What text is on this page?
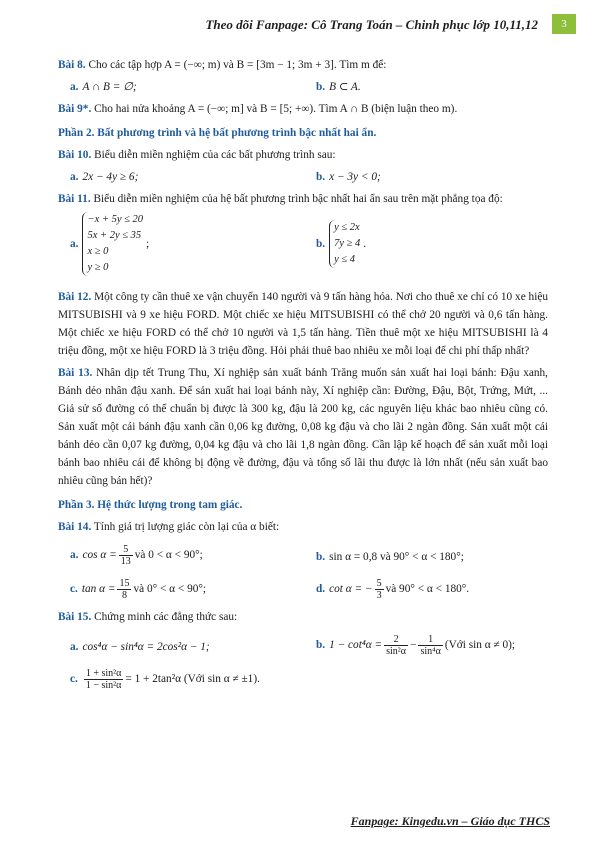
Theo dõi Fanpage: Cô Trang Toán – Chinh phục lớp 10,11,12	3

Bài 8. Cho các tập hợp A = (−∞; m) và B = [3m − 1; 3m + 3]. Tìm m để:

a. A ∩ B = ∅;	b. B ⊂ A.

Bài 9*. Cho hai nửa khoảng A = (−∞; m] và B = [5; +∞). Tìm A ∩ B (biện luận theo m).

Phần 2. Bất phương trình và hệ bất phương trình bậc nhất hai ẩn.

Bài 10. Biểu diễn miền nghiệm của các bất phương trình sau:

a. 2x − 4y ≥ 6;	b. x − 3y < 0;

Bài 11. Biểu diễn miền nghiệm của hệ bất phương trình bậc nhất hai ẩn sau trên mặt phẳng tọa độ:

a.
−x + 5y ≤ 20
5x + 2y ≤ 35
x ≥ 0
y ≥ 0
;	b.
y ≤ 2x
7y ≥ 4
y ≤ 4
.

Bài 12. Một công ty cần thuê xe vận chuyển 140 người và 9 tấn hàng hóa. Nơi cho thuê xe chỉ có 10 xe hiệu MITSUBISHI và 9 xe hiệu FORD. Một chiếc xe hiệu MITSUBISHI có thể chở 20 người và 0,6 tấn hàng. Một chiếc xe hiệu FORD có thể chở 10 người và 1,5 tấn hàng. Tiền thuê một xe hiệu MITSUBISHI là 4 triệu đồng, một xe hiệu FORD là 3 triệu đồng. Hỏi phải thuê bao nhiêu xe mỗi loại để chi phí thấp nhất?

Bài 13. Nhân dịp tết Trung Thu, Xí nghiệp sản xuất bánh Trăng muốn sản xuất hai loại bánh: Đậu xanh, Bánh dẻo nhân đậu xanh. Để sản xuất hai loại bánh này, Xí nghiệp cần: Đường, Đậu, Bột, Trứng, Mứt, ... Giả sử số đường có thể chuẩn bị được là 300 kg, đậu là 200 kg, các nguyên liệu khác bao nhiêu cũng có. Sản xuất một cái bánh đậu xanh cần 0,06 kg đường, 0,08 kg đậu và cho lãi 2 ngàn đồng. Sản xuất một cái bánh dẻo cần 0,07 kg đường, 0,04 kg đậu và cho lãi 1,8 ngàn đồng. Cần lập kế hoạch để sản xuất mỗi loại bánh bao nhiêu cái để không bị động về đường, đậu và tổng số lãi thu được là lớn nhất (nếu sản xuất bao nhiêu cũng bán hết)?

Phần 3. Hệ thức lượng trong tam giác.

Bài 14. Tính giá trị lượng giác còn lại của α biết:

a. $\cos \alpha = \frac{5}{13}$ và 0 < α < 90°;	b. sin α = 0,8 và 90° < α < 180°;
c. $\tan \alpha = \frac{15}{8}$ và 0° < α < 90°;	d. cot α = − $\frac{5}{3}$ và 90° < α < 180°.

Bài 15. Chứng minh các đẳng thức sau:

a. cos⁴α − sin⁴α = 2cos²α − 1;	b. $1 - \cot^4\alpha = \frac{2}{\text{sin²α}} - \frac{1}{\text{sin⁴α}}$ (Với sin α ≠ 0);
c. $\frac{\text{1 + sin²α}}{\text{1 − sin²α}} = 1 + 2\tan^2\alpha$ (Với sin α ≠ ±1).
Fanpage: Kingedu.vn – Giáo dục THCS
